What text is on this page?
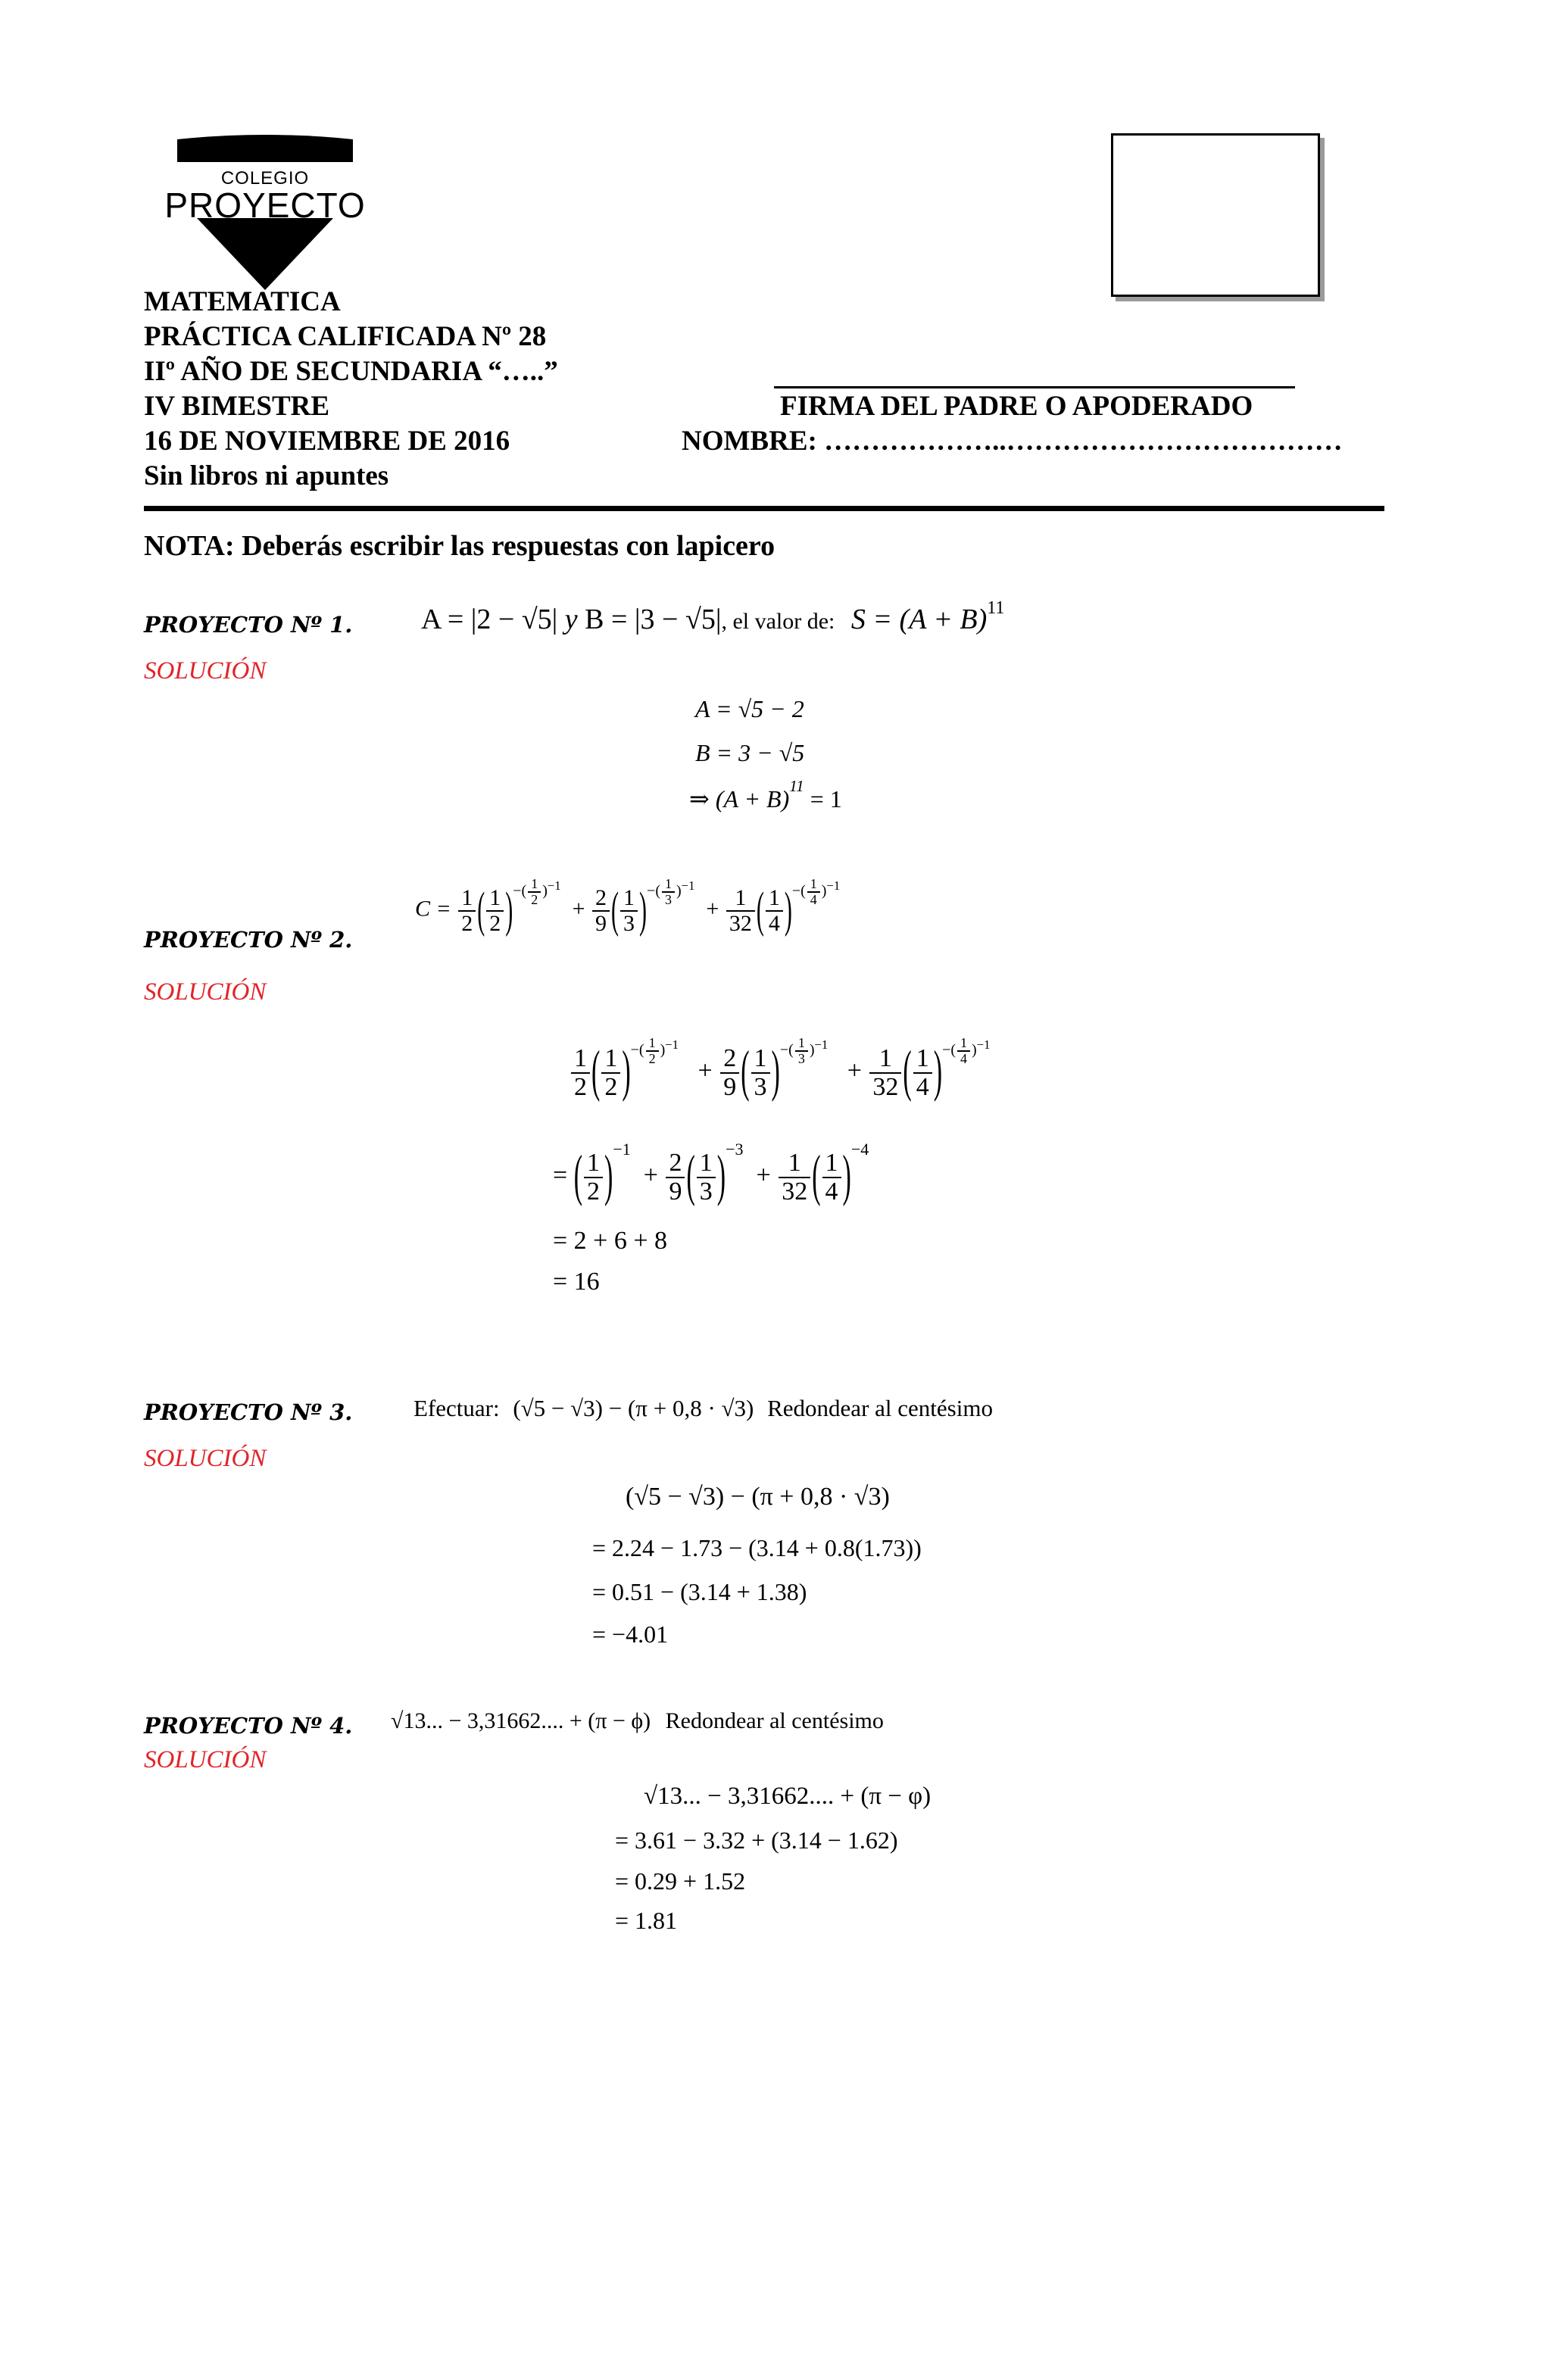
COLEGIO
PROYECTO
MATEMATICA
PRÁCTICA CALIFICADA Nº 28
IIº AÑO DE SECUNDARIA “…..”
IV BIMESTRE
16 DE NOVIEMBRE DE 2016
Sin libros ni apuntes
FIRMA DEL PADRE O APODERADO
NOMBRE: ………………..………………………………
NOTA: Deberás escribir las respuestas con lapicero
PROYECTO Nº 1. A = |2 − √5| y B = |3 − √5|, el valor de: S = (A + B)11
SOLUCIÓN
A = √5 − 2
B = 3 − √5
⇒ (A + B)11 = 1
PROYECTO Nº 2.
$C = \frac{1}{2}$ ( $\frac{1}{2}$ )−( $\frac{1}{2} )^{-1} + \frac{2}{9}$ ( $\frac{1}{3}$ )−( $\frac{1}{3} )^{-1} + \frac{1}{32}$ ( $\frac{1}{4}$ )−( $\frac{1}{4} )^{-1}$
SOLUCIÓN
$\frac{1}{2}$ ( $\frac{1}{2}$ )−( $\frac{1}{2} )^{-1} + \frac{2}{9}$ ( $\frac{1}{3}$ )−( $\frac{1}{3} )^{-1} + \frac{1}{32}$ ( $\frac{1}{4}$ )−( $\frac{1}{4} )^{-1}$
= ( $\frac{1}{2} )-1 + \frac{2}{9}$ ( $\frac{1}{3} )-3 + \frac{1}{32}$ ( $\frac{1}{4} )-4$
= 2 + 6 + 8
= 16
PROYECTO Nº 3.	Efectuar: (√5 − √3) − (π + 0,8 · √3) Redondear al centésimo
SOLUCIÓN
(√5 − √3) − (π + 0,8 · √3)
= 2.24 − 1.73 − (3.14 + 0.8(1.73))
= 0.51 − (3.14 + 1.38)
= −4.01
PROYECTO Nº 4. √13... − 3,31662.... + (π − ϕ) Redondear al centésimo
SOLUCIÓN
√13... − 3,31662.... + (π − φ)
= 3.61 − 3.32 + (3.14 − 1.62)
= 0.29 + 1.52
= 1.81
